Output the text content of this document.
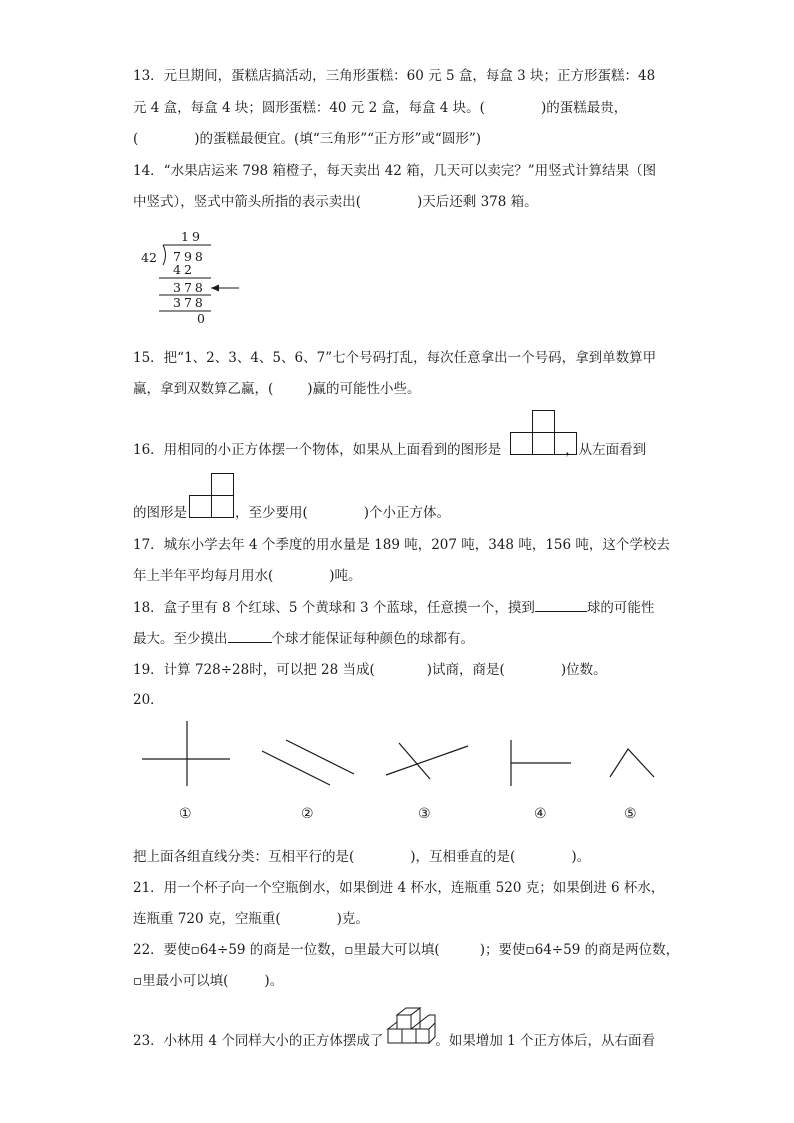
13．元旦期间，蛋糕店搞活动，三角形蛋糕：60 元 5 盒，每盒 3 块；正方形蛋糕：48
元 4 盒，每盒 4 块；圆形蛋糕：40 元 2 盒，每盒 4 块。(	)的蛋糕最贵，
(	)的蛋糕最便宜。(填“三角形”“正方形”或“圆形”)
14．“水果店运来 798 箱橙子，每天卖出 42 箱，几天可以卖完？”用竖式计算结果（图
中竖式），竖式中箭头所指的表示卖出(	)天后还剩 378 箱。
19
42 798
42
378
378
0
15．把“1、2、3、4、5、6、7”七个号码打乱，每次任意拿出一个号码，拿到单数算甲
赢，拿到双数算乙赢，(	)赢的可能性小些。
16．用相同的小正方体摆一个物体，如果从上面看到的图形是	，从左面看到
的图形是	，至少要用(	)个小正方体。
17．城东小学去年 4 个季度的用水量是 189 吨，207 吨，348 吨，156 吨，这个学校去
年上半年平均每月用水(	)吨。
18．盒子里有 8 个红球、5 个黄球和 3 个蓝球，任意摸一个，摸到	球的可能性
最大。至少摸出	个球才能保证每种颜色的球都有。
19．计算 728÷28时，可以把 28 当成(	)试商，商是(	)位数。
20．
①	②	③	④	⑤
把上面各组直线分类：互相平行的是(	)，互相垂直的是(	)。
21．用一个杯子向一个空瓶倒水，如果倒进 4 杯水，连瓶重 520 克；如果倒进 6 杯水，
连瓶重 720 克，空瓶重(	)克。
22．要使▫64÷59 的商是一位数，▫里最大可以填(	)；要使▫64÷59 的商是两位数，
▫里最小可以填(	)。
23．小林用 4 个同样大小的正方体摆成了	。如果增加 1 个正方体后，从右面看
